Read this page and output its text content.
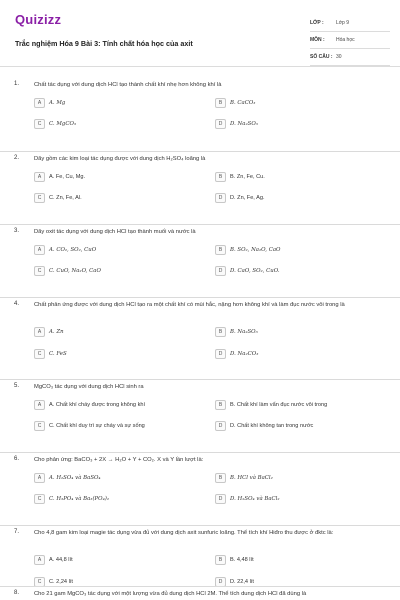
Quizizz
Trắc nghiệm Hóa 9 Bài 3: Tính chất hóa học của axit
LỚP :	Lớp 9
MÔN :	Hóa học
SỐ CÂU : 30
1.	Chất tác dụng với dung dịch HCl tạo thành chất khí nhẹ hơn không khí là
A	A. Mg	B	B. CaCO₃
C	C. MgCO₃	D	D. Na₂SO₃
2.	Dãy gồm các kim loại tác dụng được với dung dịch H₂SO₄ loãng là
A	A. Fe, Cu, Mg.	B	B. Zn, Fe, Cu.
C	C. Zn, Fe, Al.	D	D. Zn, Fe, Ag.
3.	Dãy oxit tác dụng với dung dịch HCl tạo thành muối và nước là
A	A. CO₂, SO₂, CuO	B	B. SO₂, Na₂O, CaO
C	C. CuO, Na₂O, CaO	D	D. CaO, SO₂, CuO.
4.	Chất phản ứng được với dung dịch HCl tạo ra một chất khí có mùi hắc, nặng hơn không khí và làm đục nước vôi trong là
A	A. Zn	B	B. Na₂SO₃
C	C. FeS	D	D. Na₂CO₃
5.	MgCO₃ tác dụng với dung dịch HCl sinh ra
A	A. Chất khí cháy được trong không khí	B	B. Chất khí làm vẩn đục nước vôi trong
C	C. Chất khí duy trì sự cháy và sự sống	D	D. Chất khí không tan trong nước
6.	Cho phản ứng: BaCO₃ + 2X → H₂O + Y + CO₂. X và Y lần lượt là:
A	A. H₂SO₄ và BaSO₄	B	B. HCl và BaCl₂
C	C. H₃PO₄ và Ba₃(PO₄)₂	D	D. H₂SO₄ và BaCl₂
7.	Cho 4,8 gam kim loại magie tác dụng vừa đủ với dung dịch axit sunfuric loãng. Thể tích khí Hiđro thu được ở đktc là:
A	A. 44,8 lít	B	B. 4,48 lít
C	C. 2,24 lít	D	D. 22,4 lít
8.	Cho 21 gam MgCO₃ tác dụng với một lượng vừa đủ dung dịch HCl 2M. Thể tích dung dịch HCl đã dùng là
